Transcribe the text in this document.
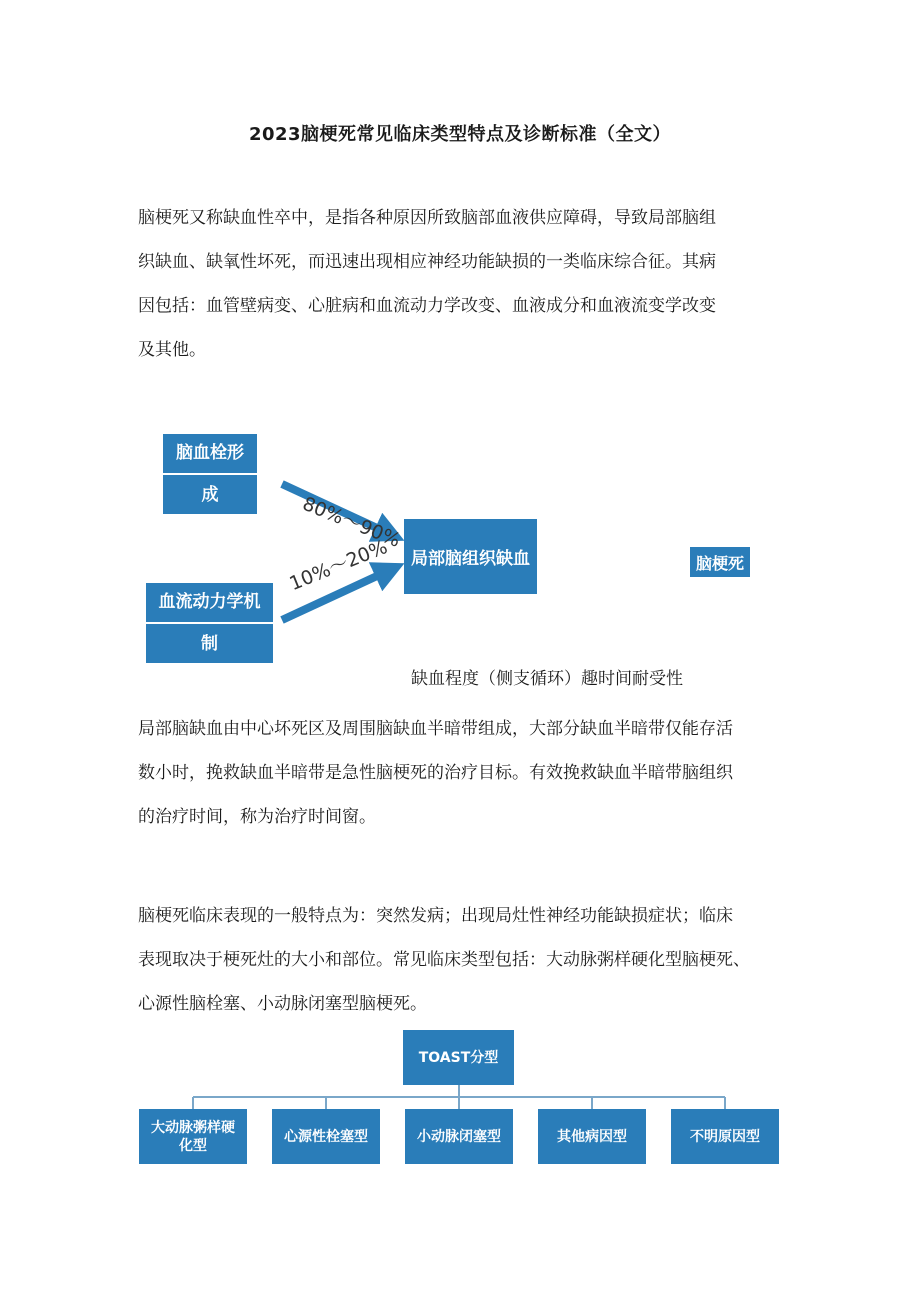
2023脑梗死常见临床类型特点及诊断标准（全文）
脑梗死又称缺血性卒中，是指各种原因所致脑部血液供应障碍，导致局部脑组
织缺血、缺氧性坏死，而迅速出现相应神经功能缺损的一类临床综合征。其病
因包括：血管壁病变、心脏病和血流动力学改变、血液成分和血液流变学改变
及其他。
脑血栓形
成
血流动力学机
制
80%～90%
10%～20%	局部脑组织缺血	脑梗死
缺血程度（侧支循环）趣时间耐受性
局部脑缺血由中心坏死区及周围脑缺血半暗带组成，大部分缺血半暗带仅能存活
数小时，挽救缺血半暗带是急性脑梗死的治疗目标。有效挽救缺血半暗带脑组织
的治疗时间，称为治疗时间窗。
脑梗死临床表现的一般特点为：突然发病；出现局灶性神经功能缺损症状；临床
表现取决于梗死灶的大小和部位。常见临床类型包括：大动脉粥样硬化型脑梗死、
心源性脑栓塞、小动脉闭塞型脑梗死。
TOAST分型
大动脉粥样硬化型
心源性栓塞型	小动脉闭塞型	其他病因型	不明原因型
